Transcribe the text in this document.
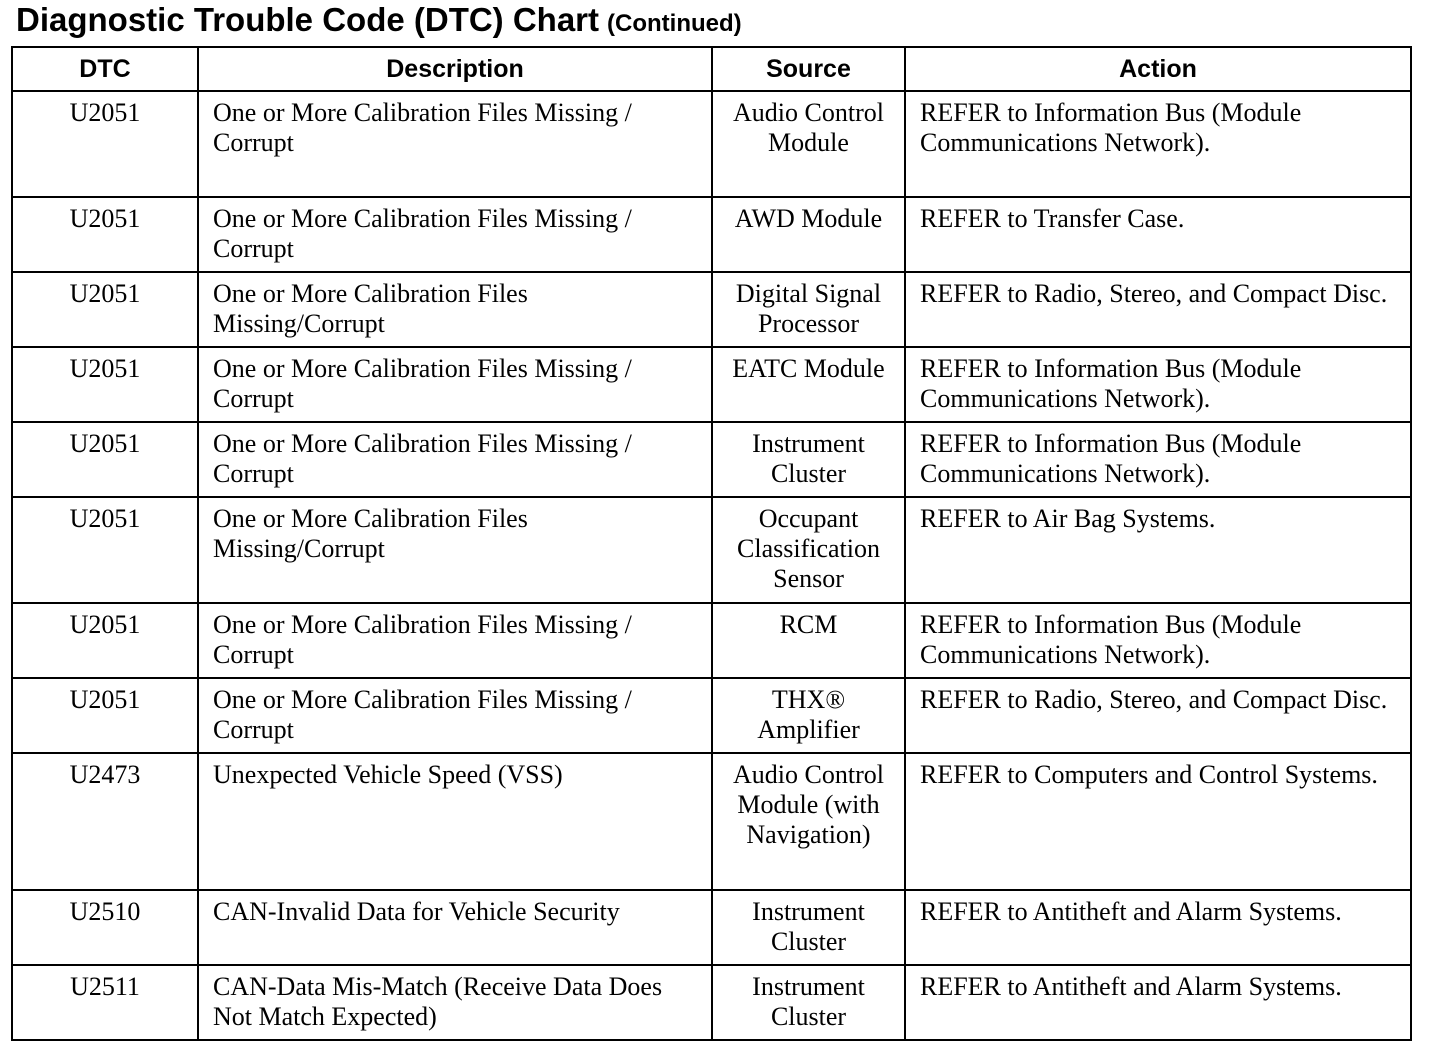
Diagnostic Trouble Code (DTC) Chart (Continued)
DTC	Description	Source	Action
U2051	One or More Calibration Files Missing / Corrupt	Audio Control Module	REFER to Information Bus (Module Communications Network).
U2051	One or More Calibration Files Missing / Corrupt	AWD Module	REFER to Transfer Case.
U2051	One or More Calibration Files Missing/Corrupt	Digital Signal Processor	REFER to Radio, Stereo, and Compact Disc.
U2051	One or More Calibration Files Missing / Corrupt	EATC Module	REFER to Information Bus (Module Communications Network).
U2051	One or More Calibration Files Missing / Corrupt	Instrument Cluster	REFER to Information Bus (Module Communications Network).
U2051	One or More Calibration Files Missing/Corrupt	Occupant Classification Sensor	REFER to Air Bag Systems.
U2051	One or More Calibration Files Missing / Corrupt	RCM	REFER to Information Bus (Module Communications Network).
U2051	One or More Calibration Files Missing / Corrupt	THX® Amplifier	REFER to Radio, Stereo, and Compact Disc.
U2473	Unexpected Vehicle Speed (VSS)	Audio Control Module (with Navigation)	REFER to Computers and Control Systems.
U2510	CAN-Invalid Data for Vehicle Security	Instrument Cluster	REFER to Antitheft and Alarm Systems.
U2511	CAN-Data Mis-Match (Receive Data Does Not Match Expected)	Instrument Cluster	REFER to Antitheft and Alarm Systems.
